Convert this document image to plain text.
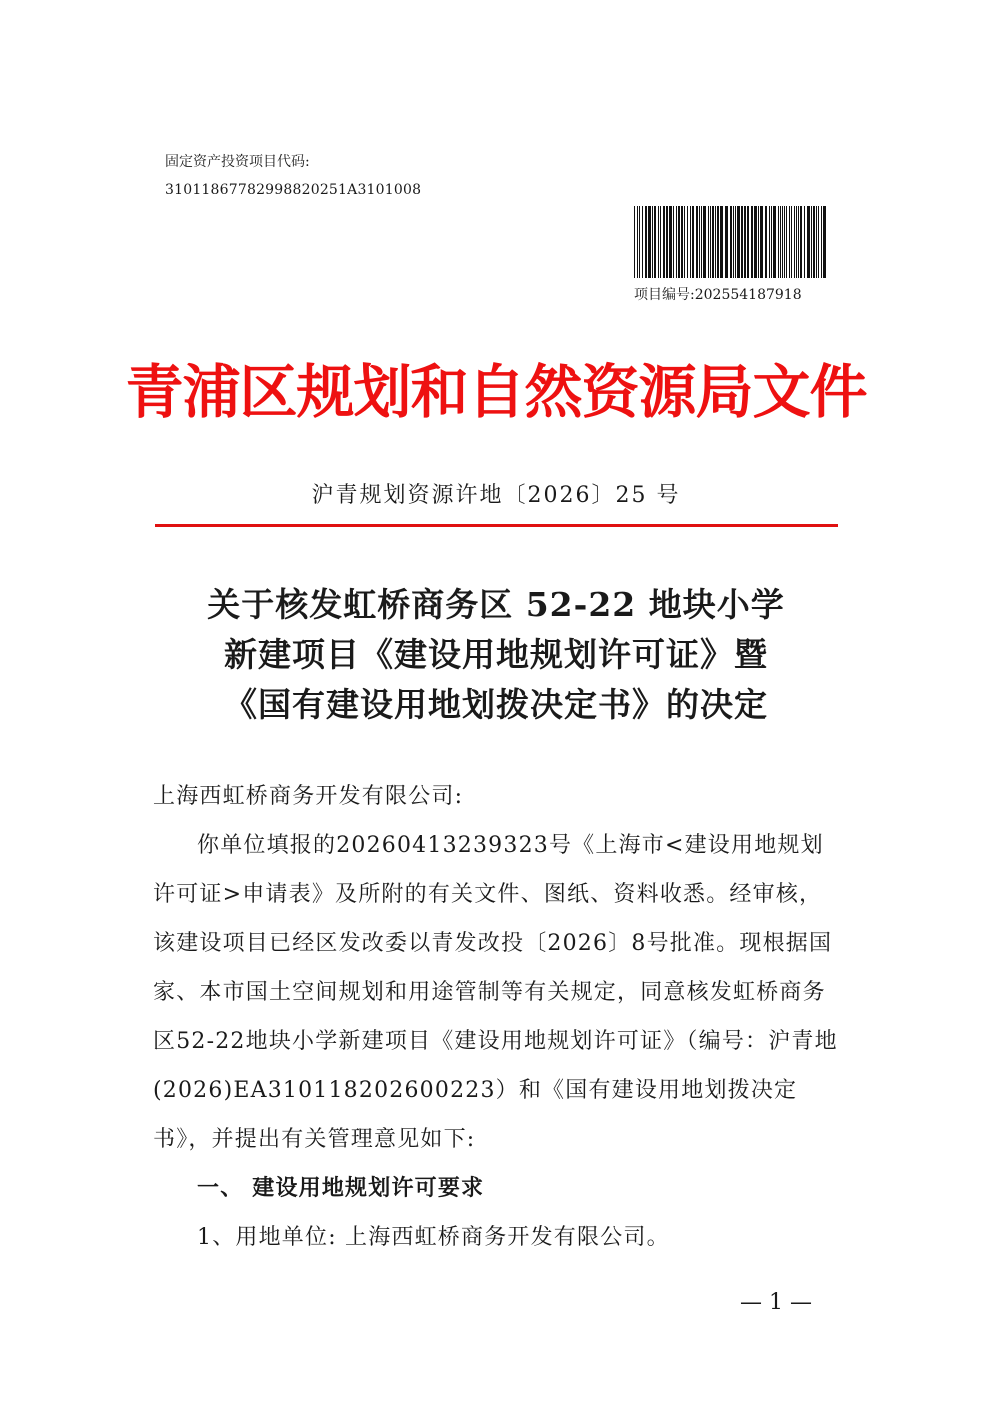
固定资产投资项目代码:
31011867782998820251A3101008
项目编号:202554187918
青浦区规划和自然资源局文件
沪青规划资源许地〔2026〕25 号
关于核发虹桥商务区 52-22 地块小学
新建项目《建设用地规划许可证》暨
《国有建设用地划拨决定书》的决定

上海西虹桥商务开发有限公司:

你单位填报的20260413239323号《上海市<建设用地规划许可证>申请表》及所附的有关文件、图纸、资料收悉。经审核，该建设项目已经区发改委以青发改投〔2026〕8号批准。现根据国家、本市国土空间规划和用途管制等有关规定，同意核发虹桥商务区52-22地块小学新建项目《建设用地规划许可证》（编号：沪青地(2026)EA310118202600223）和《国有建设用地划拨决定书》，并提出有关管理意见如下:

一、 建设用地规划许可要求

1、用地单位: 上海西虹桥商务开发有限公司。

— 1 —
